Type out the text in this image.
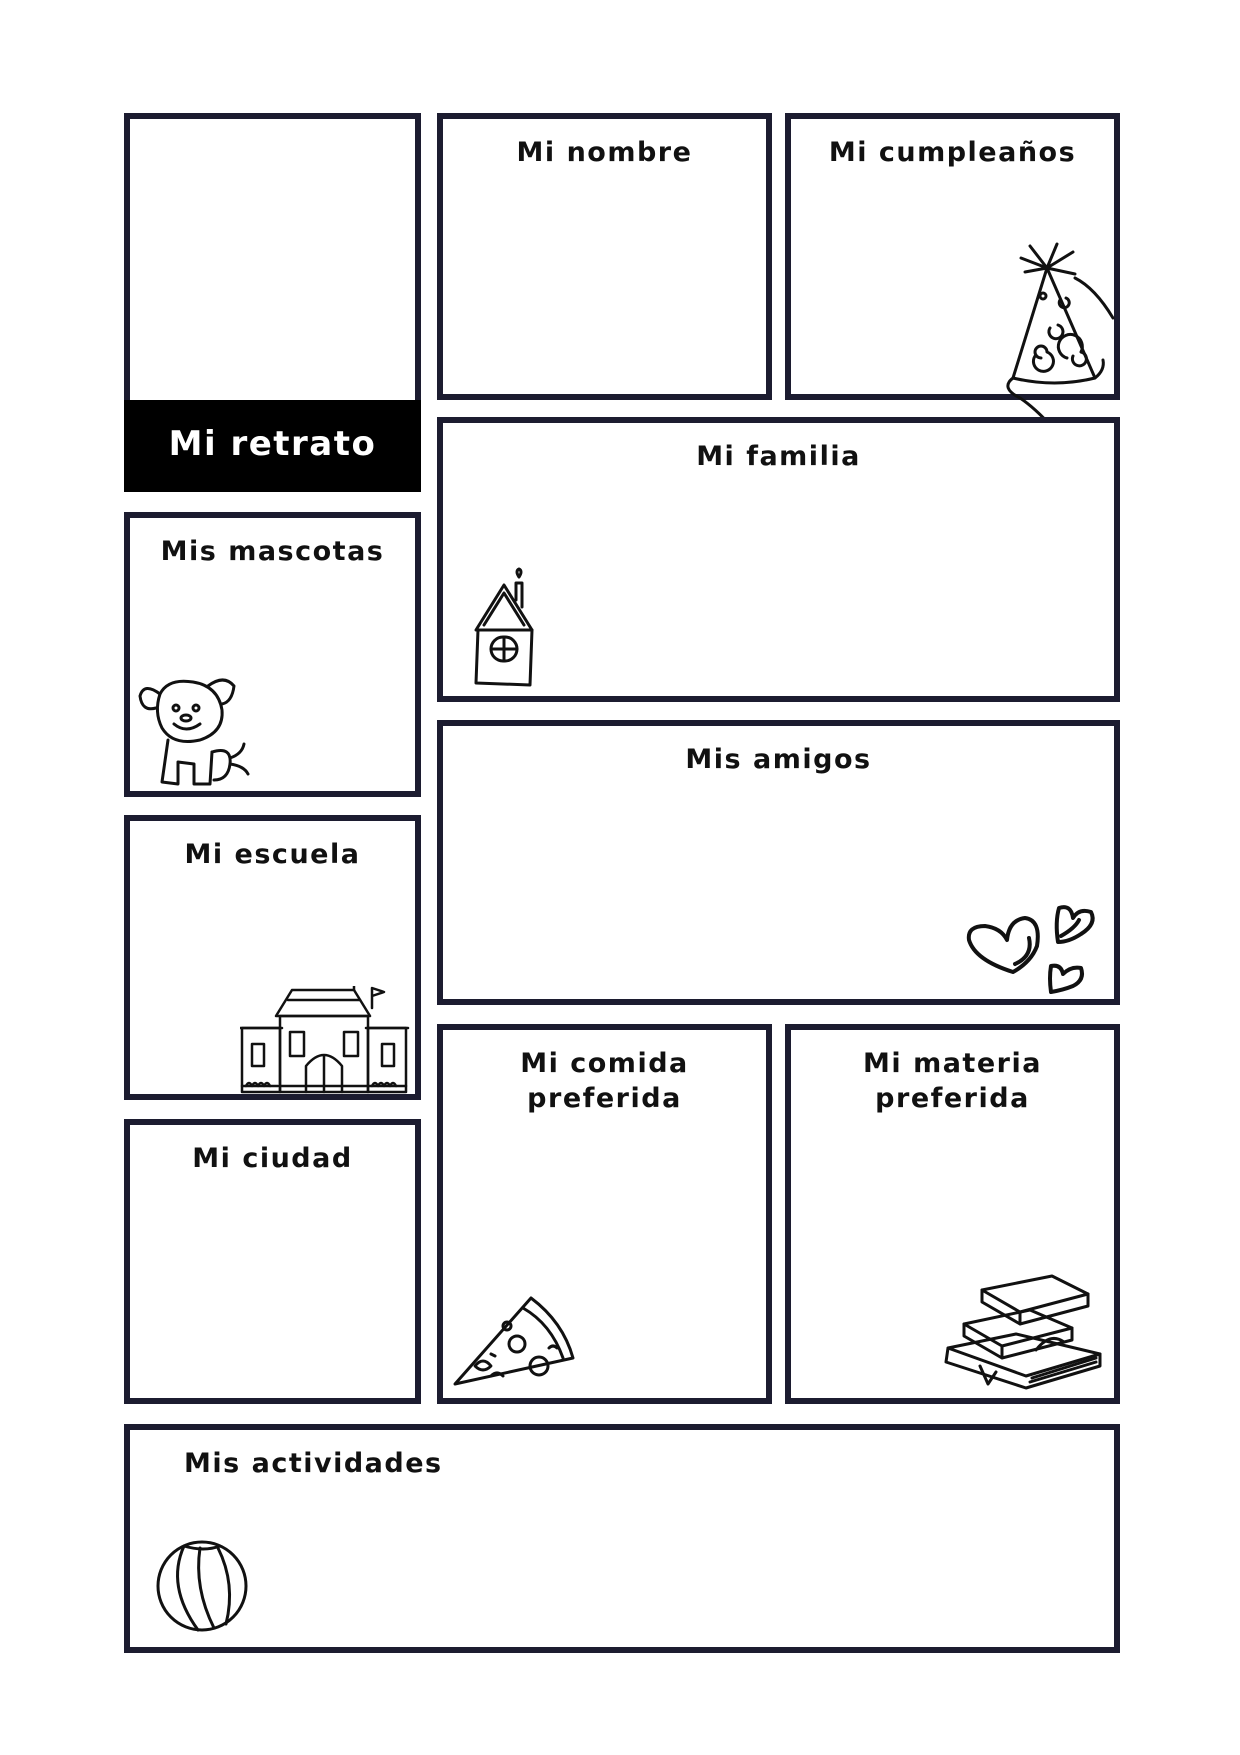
Mi retrato
Mi nombre	Mi cumpleaños
Mi familia
Mis mascotas
Mis amigos
Mi escuela
Mi comida
preferida
Mi materia
preferida
Mi ciudad
Mis actividades
